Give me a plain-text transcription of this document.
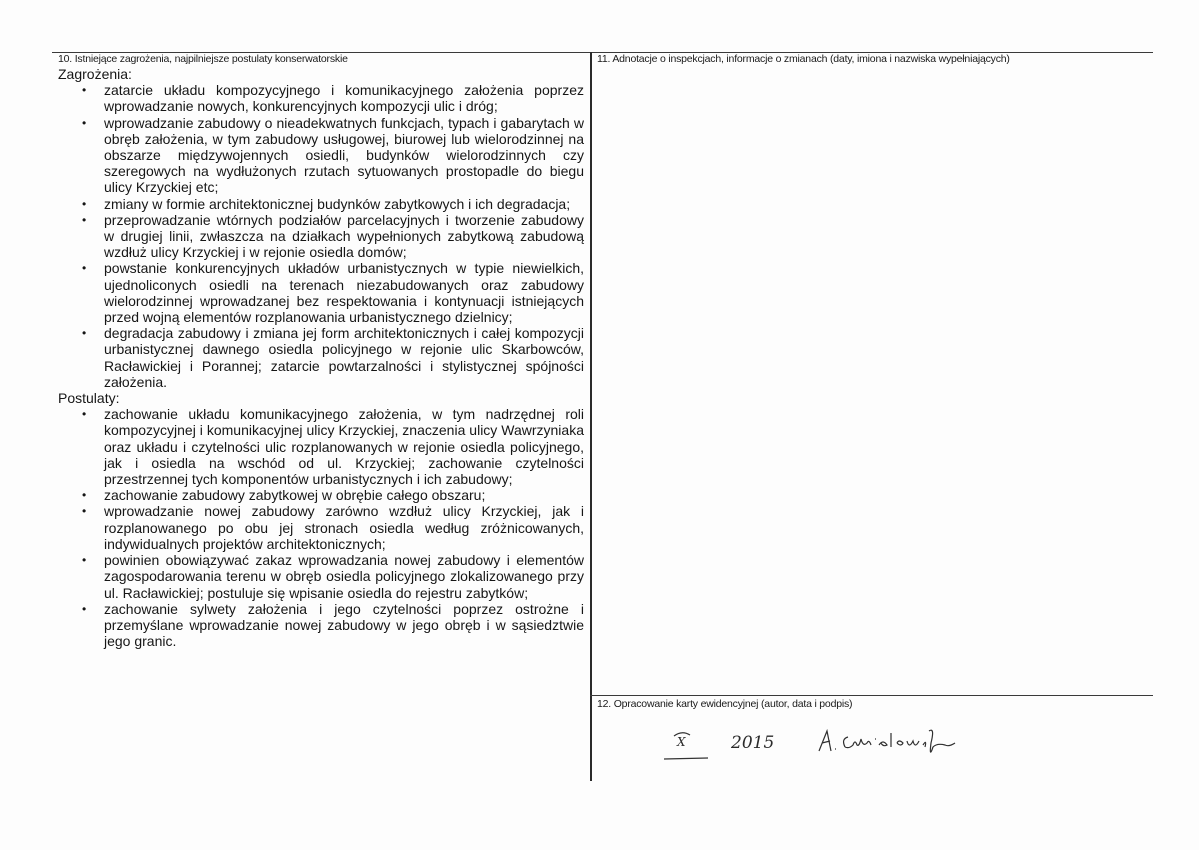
10. Istniejące zagrożenia, najpilniejsze postulaty konserwatorskie	11. Adnotacje o inspekcjach, informacje o zmianach (daty, imiona i nazwiska wypełniających)
12. Opracowanie karty ewidencyjnej (autor, data i podpis)

Zagrożenia:

• zatarcie układu kompozycyjnego i komunikacyjnego założenia poprzez wprowadzanie nowych, konkurencyjnych kompozycji ulic i dróg;
• wprowadzanie zabudowy o nieadekwatnych funkcjach, typach i gabarytach w obręb założenia, w tym zabudowy usługowej, biurowej lub wielorodzinnej na obszarze międzywojennych osiedli, budynków wielorodzinnych czy szeregowych na wydłużonych rzutach sytuowanych prostopadle do biegu ulicy Krzyckiej etc;
• zmiany w formie architektonicznej budynków zabytkowych i ich degradacja;
• przeprowadzanie wtórnych podziałów parcelacyjnych i tworzenie zabudowy w drugiej linii, zwłaszcza na działkach wypełnionych zabytkową zabudową wzdłuż ulicy Krzyckiej i w rejonie osiedla domów;
• powstanie konkurencyjnych układów urbanistycznych w typie niewielkich, ujednoliconych osiedli na terenach niezabudowanych oraz zabudowy wielorodzinnej wprowadzanej bez respektowania i kontynuacji istniejących przed wojną elementów rozplanowania urbanistycznego dzielnicy;
• degradacja zabudowy i zmiana jej form architektonicznych i całej kompozycji urbanistycznej dawnego osiedla policyjnego w rejonie ulic Skarbowców, Racławickiej i Porannej; zatarcie powtarzalności i stylistycznej spójności założenia.

Postulaty:

• zachowanie układu komunikacyjnego założenia, w tym nadrzędnej roli kompozycyjnej i komunikacyjnej ulicy Krzyckiej, znaczenia ulicy Wawrzyniaka oraz układu i czytelności ulic rozplanowanych w rejonie osiedla policyjnego, jak i osiedla na wschód od ul. Krzyckiej; zachowanie czytelności przestrzennej tych komponentów urbanistycznych i ich zabudowy;
• zachowanie zabudowy zabytkowej w obrębie całego obszaru;
• wprowadzanie nowej zabudowy zarówno wzdłuż ulicy Krzyckiej, jak i rozplanowanego po obu jej stronach osiedla według zróżnicowanych, indywidualnych projektów architektonicznych;
• powinien obowiązywać zakaz wprowadzania nowej zabudowy i elementów zagospodarowania terenu w obręb osiedla policyjnego zlokalizowanego przy ul. Racławickiej; postuluje się wpisanie osiedla do rejestru zabytków;
• zachowanie sylwety założenia i jego czytelności poprzez ostrożne i przemyślane wprowadzanie nowej zabudowy w jego obręb i w sąsiedztwie jego granic.
X	2015
